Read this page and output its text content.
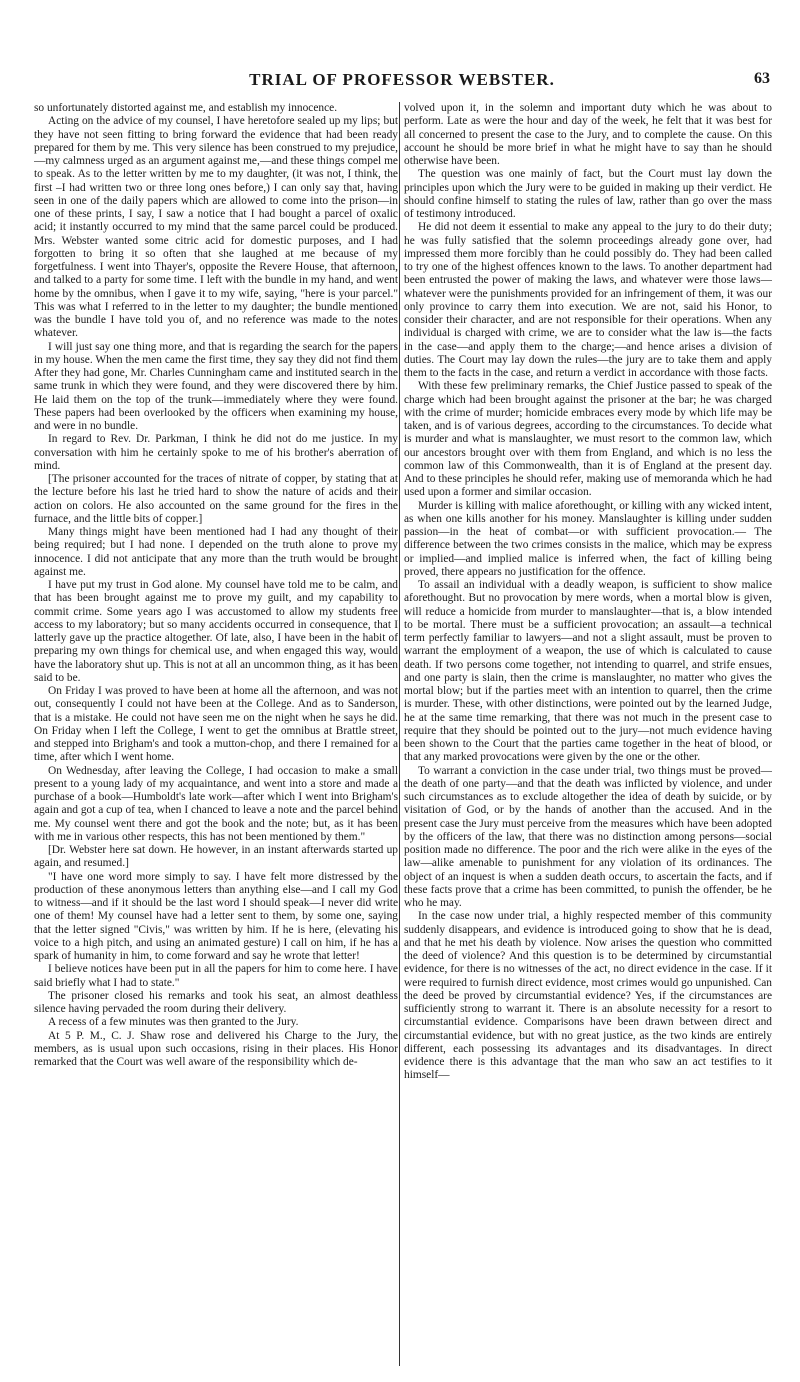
TRIAL OF PROFESSOR WEBSTER.	63

so unfortunately distorted against me, and establish my innocence.

Acting on the advice of my counsel, I have heretofore sealed up my lips; but they have not seen fitting to bring forward the evidence that had been ready prepared for them by me. This very silence has been construed to my prejudice,—my calmness urged as an argument against me,—and these things compel me to speak. As to the letter written by me to my daughter, (it was not, I think, the first –I had written two or three long ones before,) I can only say that, having seen in one of the daily papers which are allowed to come into the prison—in one of these prints, I say, I saw a notice that I had bought a parcel of oxalic acid; it instantly occurred to my mind that the same parcel could be produced. Mrs. Webster wanted some citric acid for domestic purposes, and I had forgotten to bring it so often that she laughed at me because of my forgetfulness. I went into Thayer's, opposite the Revere House, that afternoon, and talked to a party for some time. I left with the bundle in my hand, and went home by the omnibus, when I gave it to my wife, saying, "here is your parcel." This was what I referred to in the letter to my daughter; the bundle mentioned was the bundle I have told you of, and no reference was made to the notes whatever.

I will just say one thing more, and that is regarding the search for the papers in my house. When the men came the first time, they say they did not find them After they had gone, Mr. Charles Cunningham came and instituted search in the same trunk in which they were found, and they were discovered there by him. He laid them on the top of the trunk—immediately where they were found. These papers had been overlooked by the officers when examining my house, and were in no bundle.

In regard to Rev. Dr. Parkman, I think he did not do me justice. In my conversation with him he certainly spoke to me of his brother's aberration of mind.

[The prisoner accounted for the traces of nitrate of copper, by stating that at the lecture before his last he tried hard to show the nature of acids and their action on colors. He also accounted on the same ground for the fires in the furnace, and the little bits of copper.]

Many things might have been mentioned had I had any thought of their being required; but I had none. I depended on the truth alone to prove my innocence. I did not anticipate that any more than the truth would be brought against me.

I have put my trust in God alone. My counsel have told me to be calm, and that has been brought against me to prove my guilt, and my capability to commit crime. Some years ago I was accustomed to allow my students free access to my laboratory; but so many accidents occurred in consequence, that I latterly gave up the practice altogether. Of late, also, I have been in the habit of preparing my own things for chemical use, and when engaged this way, would have the laboratory shut up. This is not at all an uncommon thing, as it has been said to be.

On Friday I was proved to have been at home all the afternoon, and was not out, consequently I could not have been at the College. And as to Sanderson, that is a mistake. He could not have seen me on the night when he says he did. On Friday when I left the College, I went to get the omnibus at Brattle street, and stepped into Brigham's and took a mutton-chop, and there I remained for a time, after which I went home.

On Wednesday, after leaving the College, I had occasion to make a small present to a young lady of my acquaintance, and went into a store and made a purchase of a book—Humboldt's late work—after which I went into Brigham's again and got a cup of tea, when I chanced to leave a note and the parcel behind me. My counsel went there and got the book and the note; but, as it has been with me in various other respects, this has not been mentioned by them."

[Dr. Webster here sat down. He however, in an instant afterwards started up again, and resumed.]

"I have one word more simply to say. I have felt more distressed by the production of these anonymous letters than anything else—and I call my God to witness—and if it should be the last word I should speak—I never did write one of them! My counsel have had a letter sent to them, by some one, saying that the letter signed "Civis," was written by him. If he is here, (elevating his voice to a high pitch, and using an animated gesture) I call on him, if he has a spark of humanity in him, to come forward and say he wrote that letter!

I believe notices have been put in all the papers for him to come here. I have said briefly what I had to state."

The prisoner closed his remarks and took his seat, an almost deathless silence having pervaded the room during their delivery.

A recess of a few minutes was then granted to the Jury.

At 5 P. M., C. J. Shaw rose and delivered his Charge to the Jury, the members, as is usual upon such occasions, rising in their places. His Honor remarked that the Court was well aware of the responsibility which de-

volved upon it, in the solemn and important duty which he was about to perform. Late as were the hour and day of the week, he felt that it was best for all concerned to present the case to the Jury, and to complete the cause. On this account he should be more brief in what he might have to say than he should otherwise have been.

The question was one mainly of fact, but the Court must lay down the principles upon which the Jury were to be guided in making up their verdict. He should confine himself to stating the rules of law, rather than go over the mass of testimony introduced.

He did not deem it essential to make any appeal to the jury to do their duty; he was fully satisfied that the solemn proceedings already gone over, had impressed them more forcibly than he could possibly do. They had been called to try one of the highest offences known to the laws. To another department had been entrusted the power of making the laws, and whatever were those laws—whatever were the punishments provided for an infringement of them, it was our only province to carry them into execution. We are not, said his Honor, to consider their character, and are not responsible for their operations. When any individual is charged with crime, we are to consider what the law is—the facts in the case—and apply them to the charge;—and hence arises a division of duties. The Court may lay down the rules—the jury are to take them and apply them to the facts in the case, and return a verdict in accordance with those facts.

With these few preliminary remarks, the Chief Justice passed to speak of the charge which had been brought against the prisoner at the bar; he was charged with the crime of murder; homicide embraces every mode by which life may be taken, and is of various degrees, according to the circumstances. To decide what is murder and what is manslaughter, we must resort to the common law, which our ancestors brought over with them from England, and which is no less the common law of this Commonwealth, than it is of England at the present day. And to these principles he should refer, making use of memoranda which he had used upon a former and similar occasion.

Murder is killing with malice aforethought, or killing with any wicked intent, as when one kills another for his money. Manslaughter is killing under sudden passion—in the heat of combat—or with sufficient provocation.— The difference between the two crimes consists in the malice, which may be express or implied—and implied malice is inferred when, the fact of killing being proved, there appears no justification for the offence.

To assail an individual with a deadly weapon, is sufficient to show malice aforethought. But no provocation by mere words, when a mortal blow is given, will reduce a homicide from murder to manslaughter—that is, a blow intended to be mortal. There must be a sufficient provocation; an assault—a technical term perfectly familiar to lawyers—and not a slight assault, must be proven to warrant the employment of a weapon, the use of which is calculated to cause death. If two persons come together, not intending to quarrel, and strife ensues, and one party is slain, then the crime is manslaughter, no matter who gives the mortal blow; but if the parties meet with an intention to quarrel, then the crime is murder. These, with other distinctions, were pointed out by the learned Judge, he at the same time remarking, that there was not much in the present case to require that they should be pointed out to the jury—not much evidence having been shown to the Court that the parties came together in the heat of blood, or that any marked provocations were given by the one or the other.

To warrant a conviction in the case under trial, two things must be proved—the death of one party—and that the death was inflicted by violence, and under such circumstances as to exclude altogether the idea of death by suicide, or by visitation of God, or by the hands of another than the accused. And in the present case the Jury must perceive from the measures which have been adopted by the officers of the law, that there was no distinction among persons—social position made no difference. The poor and the rich were alike in the eyes of the law—alike amenable to punishment for any violation of its ordinances. The object of an inquest is when a sudden death occurs, to ascertain the facts, and if these facts prove that a crime has been committed, to punish the offender, be he who he may.

In the case now under trial, a highly respected member of this community suddenly disappears, and evidence is introduced going to show that he is dead, and that he met his death by violence. Now arises the question who committed the deed of violence? And this question is to be determined by circumstantial evidence, for there is no witnesses of the act, no direct evidence in the case. If it were required to furnish direct evidence, most crimes would go unpunished. Can the deed be proved by circumstantial evidence? Yes, if the circumstances are sufficiently strong to warrant it. There is an absolute necessity for a resort to circumstantial evidence. Comparisons have been drawn between direct and circumstantial evidence, but with no great justice, as the two kinds are entirely different, each possessing its advantages and its disadvantages. In direct evidence there is this advantage that the man who saw an act testifies to it himself—
